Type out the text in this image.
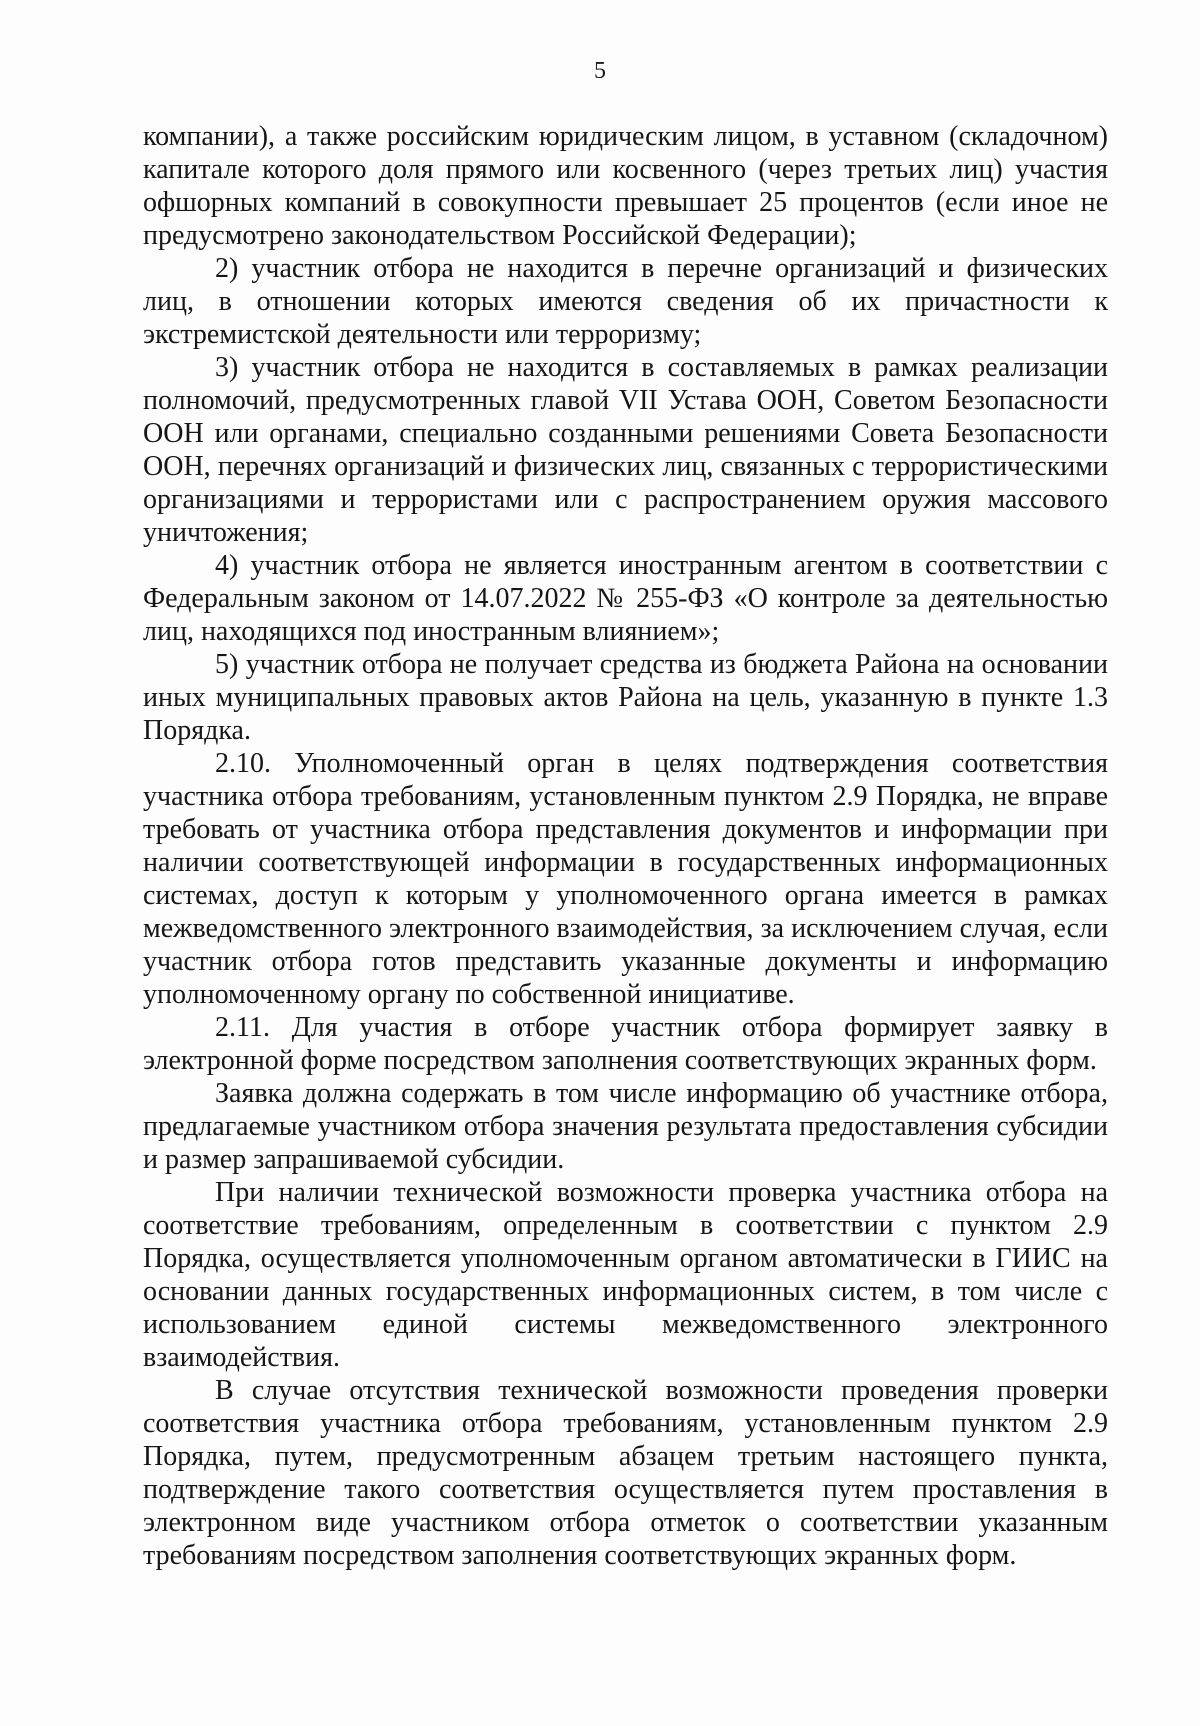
5

компании), а также российским юридическим лицом, в уставном (складочном) капитале которого доля прямого или косвенного (через третьих лиц) участия офшорных компаний в совокупности превышает 25 процентов (если иное не предусмотрено законодательством Российской Федерации);

2) участник отбора не находится в перечне организаций и физических лиц, в отношении которых имеются сведения об их причастности к экстремистской деятельности или терроризму;

3) участник отбора не находится в составляемых в рамках реализации полномочий, предусмотренных главой VII Устава ООН, Советом Безопасности ООН или органами, специально созданными решениями Совета Безопасности ООН, перечнях организаций и физических лиц, связанных с террористическими организациями и террористами или с распространением оружия массового уничтожения;

4) участник отбора не является иностранным агентом в соответствии с Федеральным законом от 14.07.2022 № 255-ФЗ «О контроле за деятельностью лиц, находящихся под иностранным влиянием»;

5) участник отбора не получает средства из бюджета Района на основании иных муниципальных правовых актов Района на цель, указанную в пункте 1.3 Порядка.

2.10. Уполномоченный орган в целях подтверждения соответствия участника отбора требованиям, установленным пунктом 2.9 Порядка, не вправе требовать от участника отбора представления документов и информации при наличии соответствующей информации в государственных информационных системах, доступ к которым у уполномоченного органа имеется в рамках межведомственного электронного взаимодействия, за исключением случая, если участник отбора готов представить указанные документы и информацию уполномоченному органу по собственной инициативе.

2.11. Для участия в отборе участник отбора формирует заявку в электронной форме посредством заполнения соответствующих экранных форм.

Заявка должна содержать в том числе информацию об участнике отбора, предлагаемые участником отбора значения результата предоставления субсидии и размер запрашиваемой субсидии.

При наличии технической возможности проверка участника отбора на соответствие требованиям, определенным в соответствии с пунктом 2.9 Порядка, осуществляется уполномоченным органом автоматически в ГИИС на основании данных государственных информационных систем, в том числе с использованием единой системы межведомственного электронного взаимодействия.

В случае отсутствия технической возможности проведения проверки соответствия участника отбора требованиям, установленным пунктом 2.9 Порядка, путем, предусмотренным абзацем третьим настоящего пункта, подтверждение такого соответствия осуществляется путем проставления в электронном виде участником отбора отметок о соответствии указанным требованиям посредством заполнения соответствующих экранных форм.
